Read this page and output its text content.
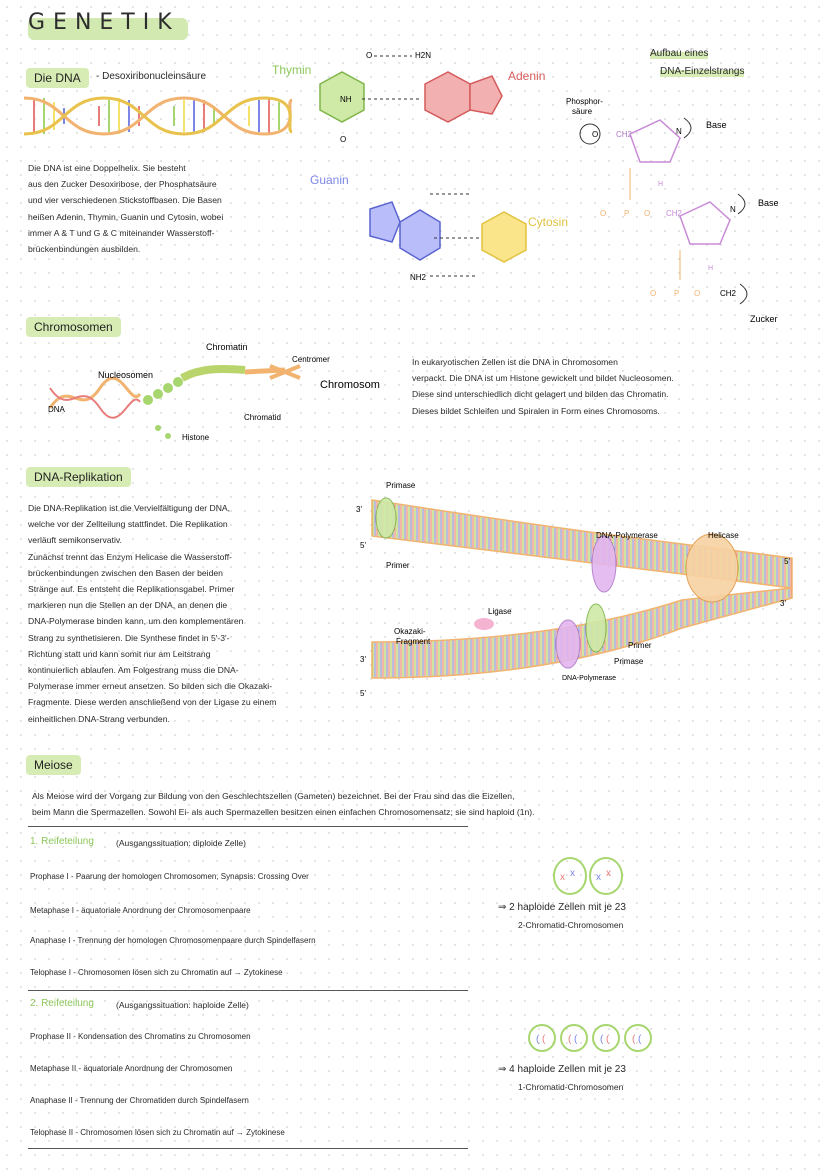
GENETIK
Die DNA	- Desoxiribonucleinsäure
Die DNA ist eine Doppelhelix. Sie besteht
aus den Zucker Desoxiribose, der Phosphatsäure
und vier verschiedenen Stickstoffbasen. Die Basen
heißen Adenin, Thymin, Guanin und Cytosin, wobei
immer A & T und G & C miteinander Wasserstoff-
brückenbindungen ausbilden.
Thymin
O
O
NH
H2N
Adenin
Guanin
NH2
Cytosin
Aufbau eines
DNA-Einzelstrangs
Phosphor-
säure
O CH2	N
Base
H
O P O CH2	N
Base
H
O P O CH2
Zucker
Chromosomen
Nucleosomen
Chromatin
Centromer
Chromosom
DNA
Chromatid
Histone
In eukaryotischen Zellen ist die DNA in Chromosomen
verpackt. Die DNA ist um Histone gewickelt und bildet Nucleosomen.
Diese sind unterschiedlich dicht gelagert und bilden das Chromatin.
Dieses bildet Schleifen und Spiralen in Form eines Chromosoms.
DNA-Replikation
Die DNA-Replikation ist die Vervielfältigung der DNA,
welche vor der Zellteilung stattfindet. Die Replikation
verläuft semikonservativ.
Zunächst trennt das Enzym Helicase die Wasserstoff-
brückenbindungen zwischen den Basen der beiden
Stränge auf. Es entsteht die Replikationsgabel. Primer
markieren nun die Stellen an der DNA, an denen die
DNA-Polymerase binden kann, um den komplementären
Strang zu synthetisieren. Die Synthese findet in 5'-3'-
Richtung statt und kann somit nur am Leitstrang
kontinuierlich ablaufen. Am Folgestrang muss die DNA-
Polymerase immer erneut ansetzen. So bilden sich die Okazaki-
Fragmente. Diese werden anschließend von der Ligase zu einem
einheitlichen DNA-Strang verbunden.
Primase
Primer
DNA-Polymerase	Helicase
Ligase
Okazaki-
Fragment	Primer
Primase
DNA-Polymerase
3'
5'
5'
3'
3'
5'
Meiose
Als Meiose wird der Vorgang zur Bildung von den Geschlechtszellen (Gameten) bezeichnet. Bei der Frau sind das die Eizellen,
beim Mann die Spermazellen. Sowohl Ei- als auch Spermazellen besitzen einen einfachen Chromosomensatz; sie sind haploid (1n).
1. Reifeteilung	(Ausgangssituation: diploide Zelle)
Prophase I - Paarung der homologen Chromosomen, Synapsis: Crossing Over
Metaphase I - äquatoriale Anordnung der Chromosomenpaare
Anaphase I - Trennung der homologen Chromosomenpaare durch Spindelfasern
Telophase I - Chromosomen lösen sich zu Chromatin auf → Zytokinese
2. Reifeteilung	(Ausgangssituation: haploide Zelle)
Prophase II - Kondensation des Chromatins zu Chromosomen
Metaphase II - äquatoriale Anordnung der Chromosomen
Anaphase II - Trennung der Chromatiden durch Spindelfasern
Telophase II - Chromosomen lösen sich zu Chromatin auf → Zytokinese
x x x x
⇒ 2 haploide Zellen mit je 23
2-Chromatid-Chromosomen
( ( ( ( ( ( ( (
⇒ 4 haploide Zellen mit je 23
1-Chromatid-Chromosomen
